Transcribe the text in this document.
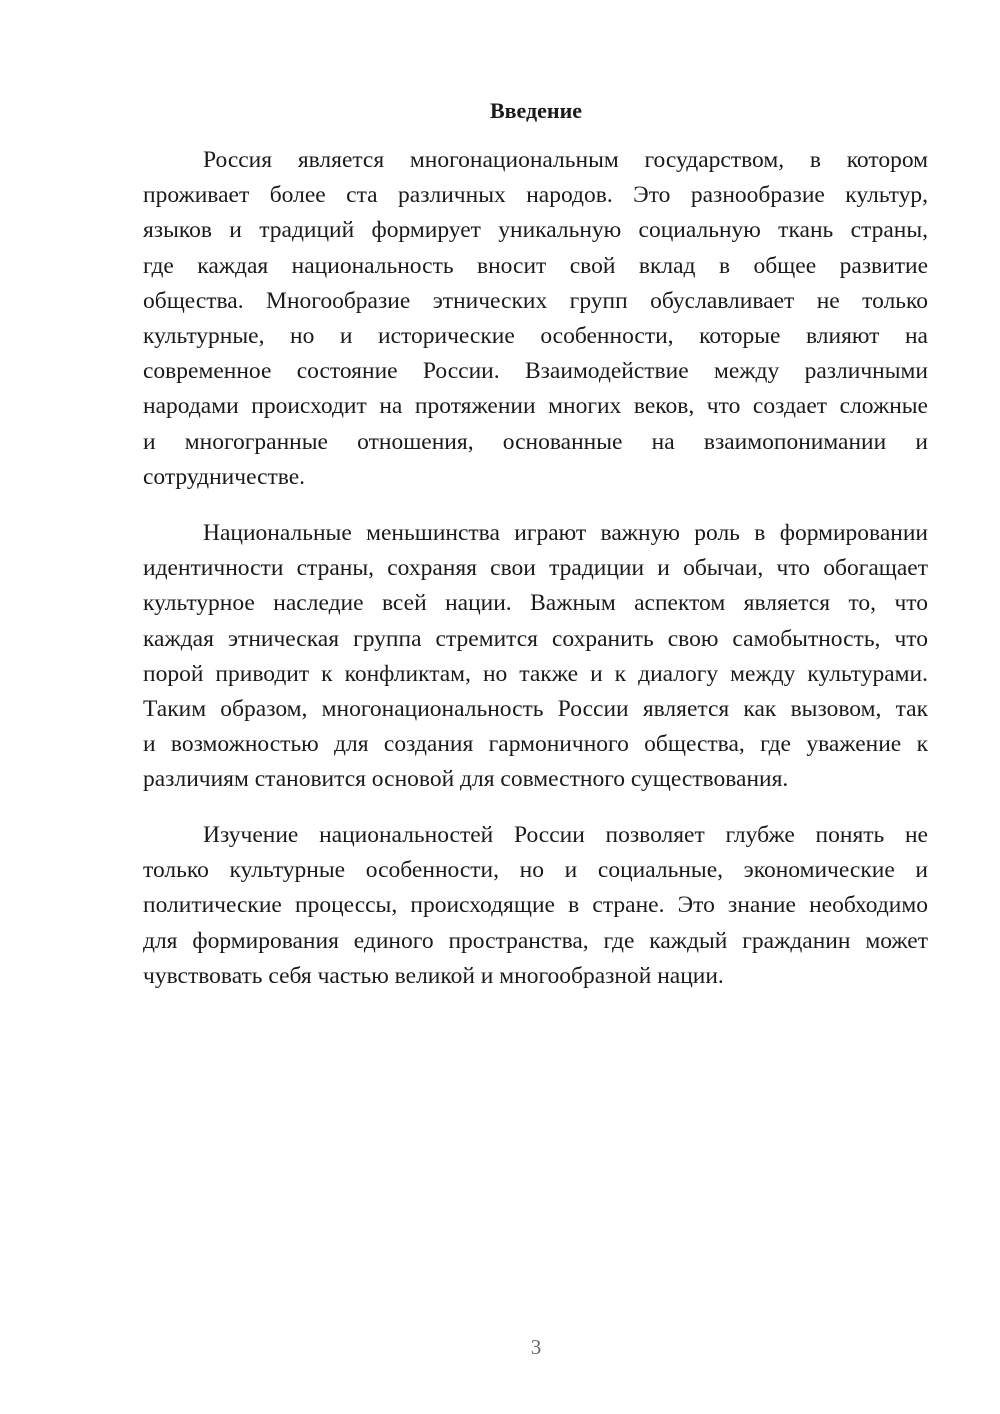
Введение

Россия является многонациональным государством, в котором
проживает более ста различных народов. Это разнообразие культур,
языков и традиций формирует уникальную социальную ткань страны,
где каждая национальность вносит свой вклад в общее развитие
общества. Многообразие этнических групп обуславливает не только
культурные, но и исторические особенности, которые влияют на
современное состояние России. Взаимодействие между различными
народами происходит на протяжении многих веков, что создает сложные
и многогранные отношения, основанные на взаимопонимании и
сотрудничестве.

Национальные меньшинства играют важную роль в формировании
идентичности страны, сохраняя свои традиции и обычаи, что обогащает
культурное наследие всей нации. Важным аспектом является то, что
каждая этническая группа стремится сохранить свою самобытность, что
порой приводит к конфликтам, но также и к диалогу между культурами.
Таким образом, многонациональность России является как вызовом, так
и возможностью для создания гармоничного общества, где уважение к
различиям становится основой для совместного существования.

Изучение национальностей России позволяет глубже понять не
только культурные особенности, но и социальные, экономические и
политические процессы, происходящие в стране. Это знание необходимо
для формирования единого пространства, где каждый гражданин может
чувствовать себя частью великой и многообразной нации.

3
